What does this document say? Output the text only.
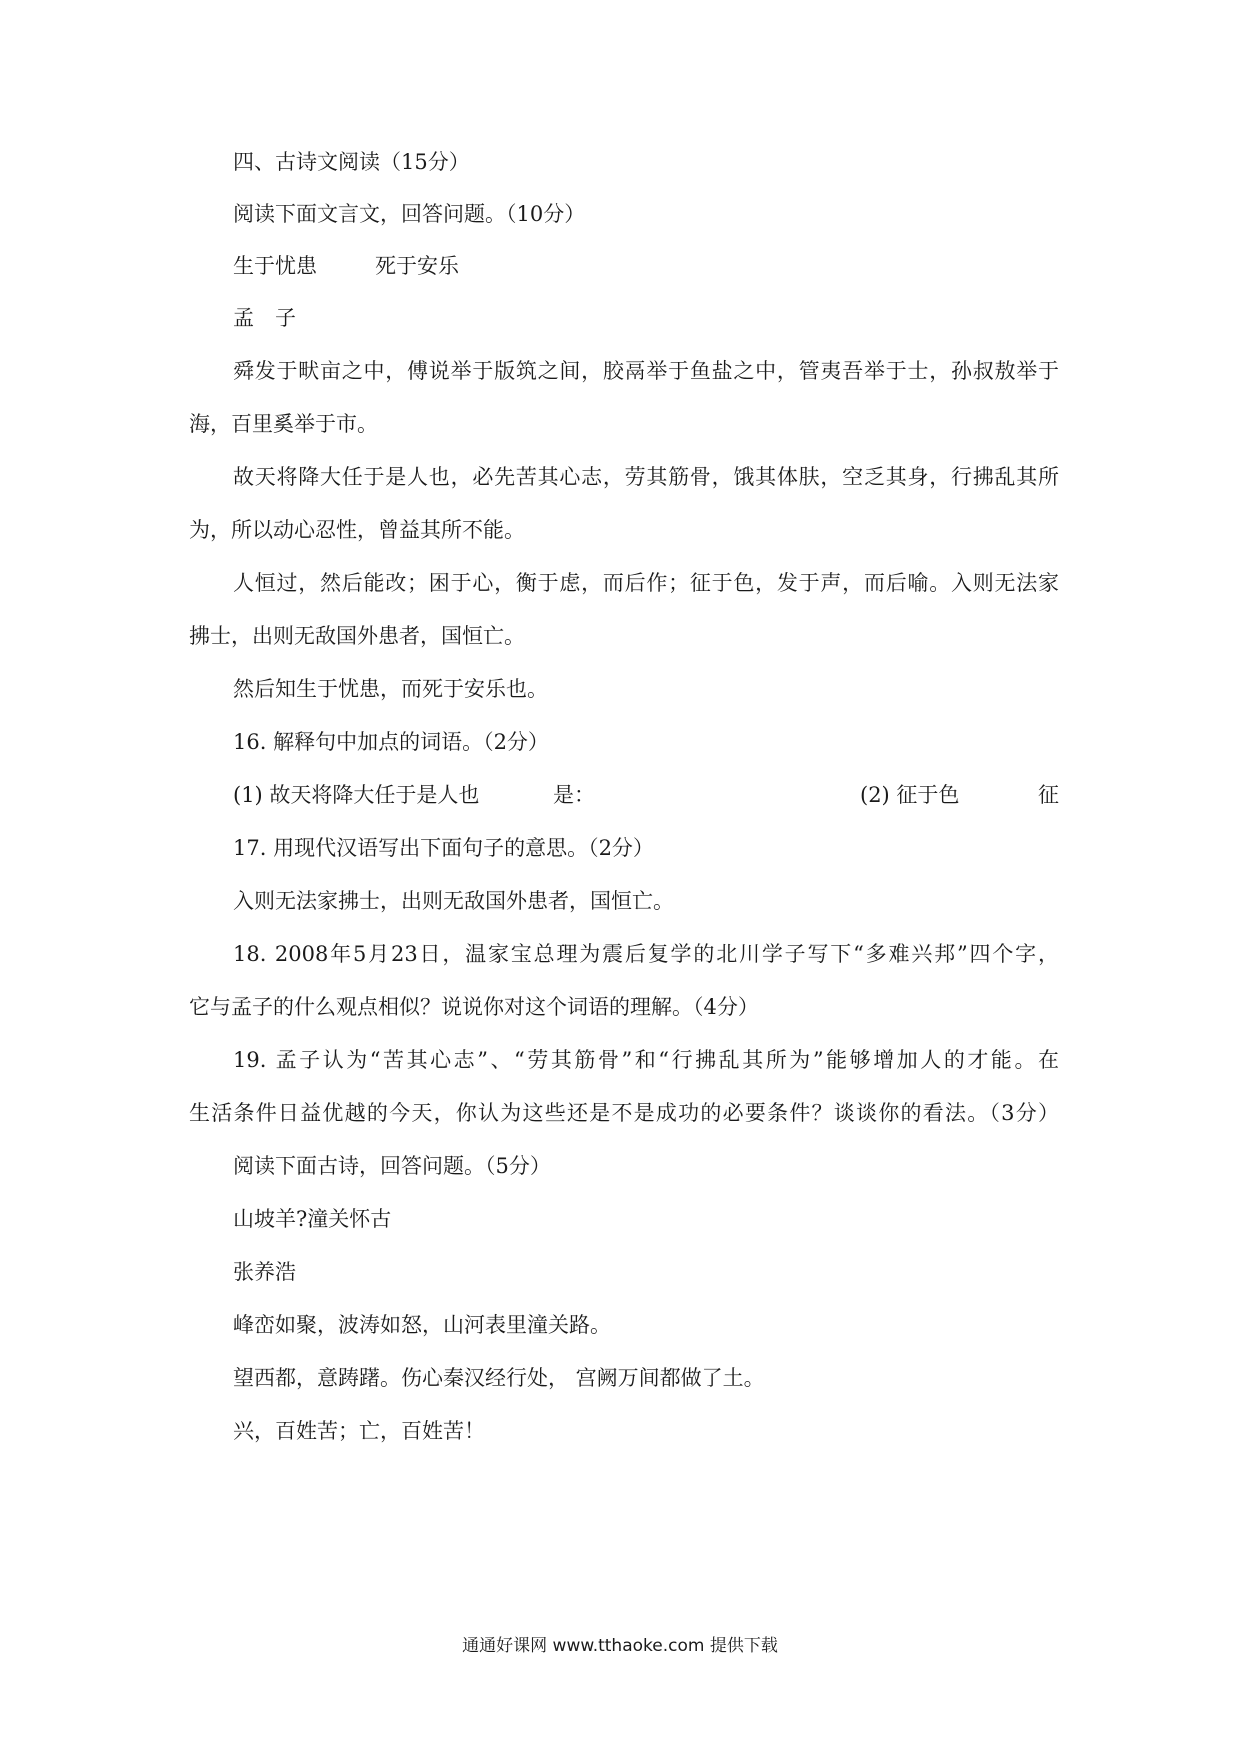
四、古诗文阅读（15分）
阅读下面文言文，回答问题。（10分）
生于忧患	死于安乐
孟　子
舜发于畎亩之中，傅说举于版筑之间，胶鬲举于鱼盐之中，管夷吾举于士，孙叔敖举于
海，百里奚举于市。
故天将降大任于是人也，必先苦其心志，劳其筋骨，饿其体肤，空乏其身，行拂乱其所
为，所以动心忍性，曾益其所不能。
人恒过，然后能改；困于心，衡于虑，而后作；征于色，发于声，而后喻。入则无法家
拂士，出则无敌国外患者，国恒亡。
然后知生于忧患，而死于安乐也。
16. 解释句中加点的词语。（2分）
(1) 故天将降大任于是人也	是：	(2) 征于色	征
17. 用现代汉语写出下面句子的意思。（2分）
入则无法家拂士，出则无敌国外患者，国恒亡。
18. 2008年5月23日，温家宝总理为震后复学的北川学子写下“多难兴邦”四个字，
它与孟子的什么观点相似？说说你对这个词语的理解。（4分）
19. 孟子认为“苦其心志”、“劳其筋骨”和“行拂乱其所为”能够增加人的才能。在
生活条件日益优越的今天，你认为这些还是不是成功的必要条件？谈谈你的看法。（3分）
阅读下面古诗，回答问题。（5分）
山坡羊?潼关怀古
张养浩
峰峦如聚，波涛如怒，山河表里潼关路。
望西都，意踌躇。伤心秦汉经行处， 宫阙万间都做了土。
兴，百姓苦；亡，百姓苦！
通通好课网 www.tthaoke.com 提供下载
